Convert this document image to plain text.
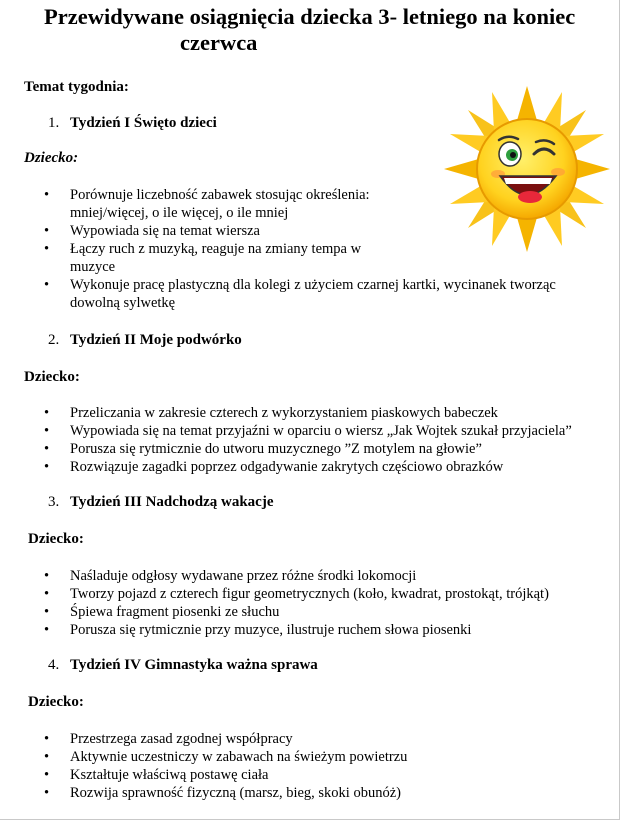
Przewidywane osiągnięcia dziecka 3- letniego na koniec
czerwca
Temat tygodnia:
1. Tydzień I Święto dzieci
Dziecko:
• Porównuje liczebność zabawek stosując określenia:
mniej/więcej, o ile więcej, o ile mniej
• Wypowiada się na temat wiersza
• Łączy ruch z muzyką, reaguje na zmiany tempa w
muzyce
• Wykonuje pracę plastyczną dla kolegi z użyciem czarnej kartki, wycinanek tworząc
dowolną sylwetkę
2. Tydzień II Moje podwórko
Dziecko:
• Przeliczania w zakresie czterech z wykorzystaniem piaskowych babeczek
• Wypowiada się na temat przyjaźni w oparciu o wiersz „Jak Wojtek szukał przyjaciela”
• Porusza się rytmicznie do utworu muzycznego ”Z motylem na głowie”
• Rozwiązuje zagadki poprzez odgadywanie zakrytych częściowo obrazków
3. Tydzień III Nadchodzą wakacje
Dziecko:
• Naśladuje odgłosy wydawane przez różne środki lokomocji
• Tworzy pojazd z czterech figur geometrycznych (koło, kwadrat, prostokąt, trójkąt)
• Śpiewa fragment piosenki ze słuchu
• Porusza się rytmicznie przy muzyce, ilustruje ruchem słowa piosenki
4. Tydzień IV Gimnastyka ważna sprawa
Dziecko:
• Przestrzega zasad zgodnej współpracy
• Aktywnie uczestniczy w zabawach na świeżym powietrzu
• Kształtuje właściwą postawę ciała
• Rozwija sprawność fizyczną (marsz, bieg, skoki obunóż)
